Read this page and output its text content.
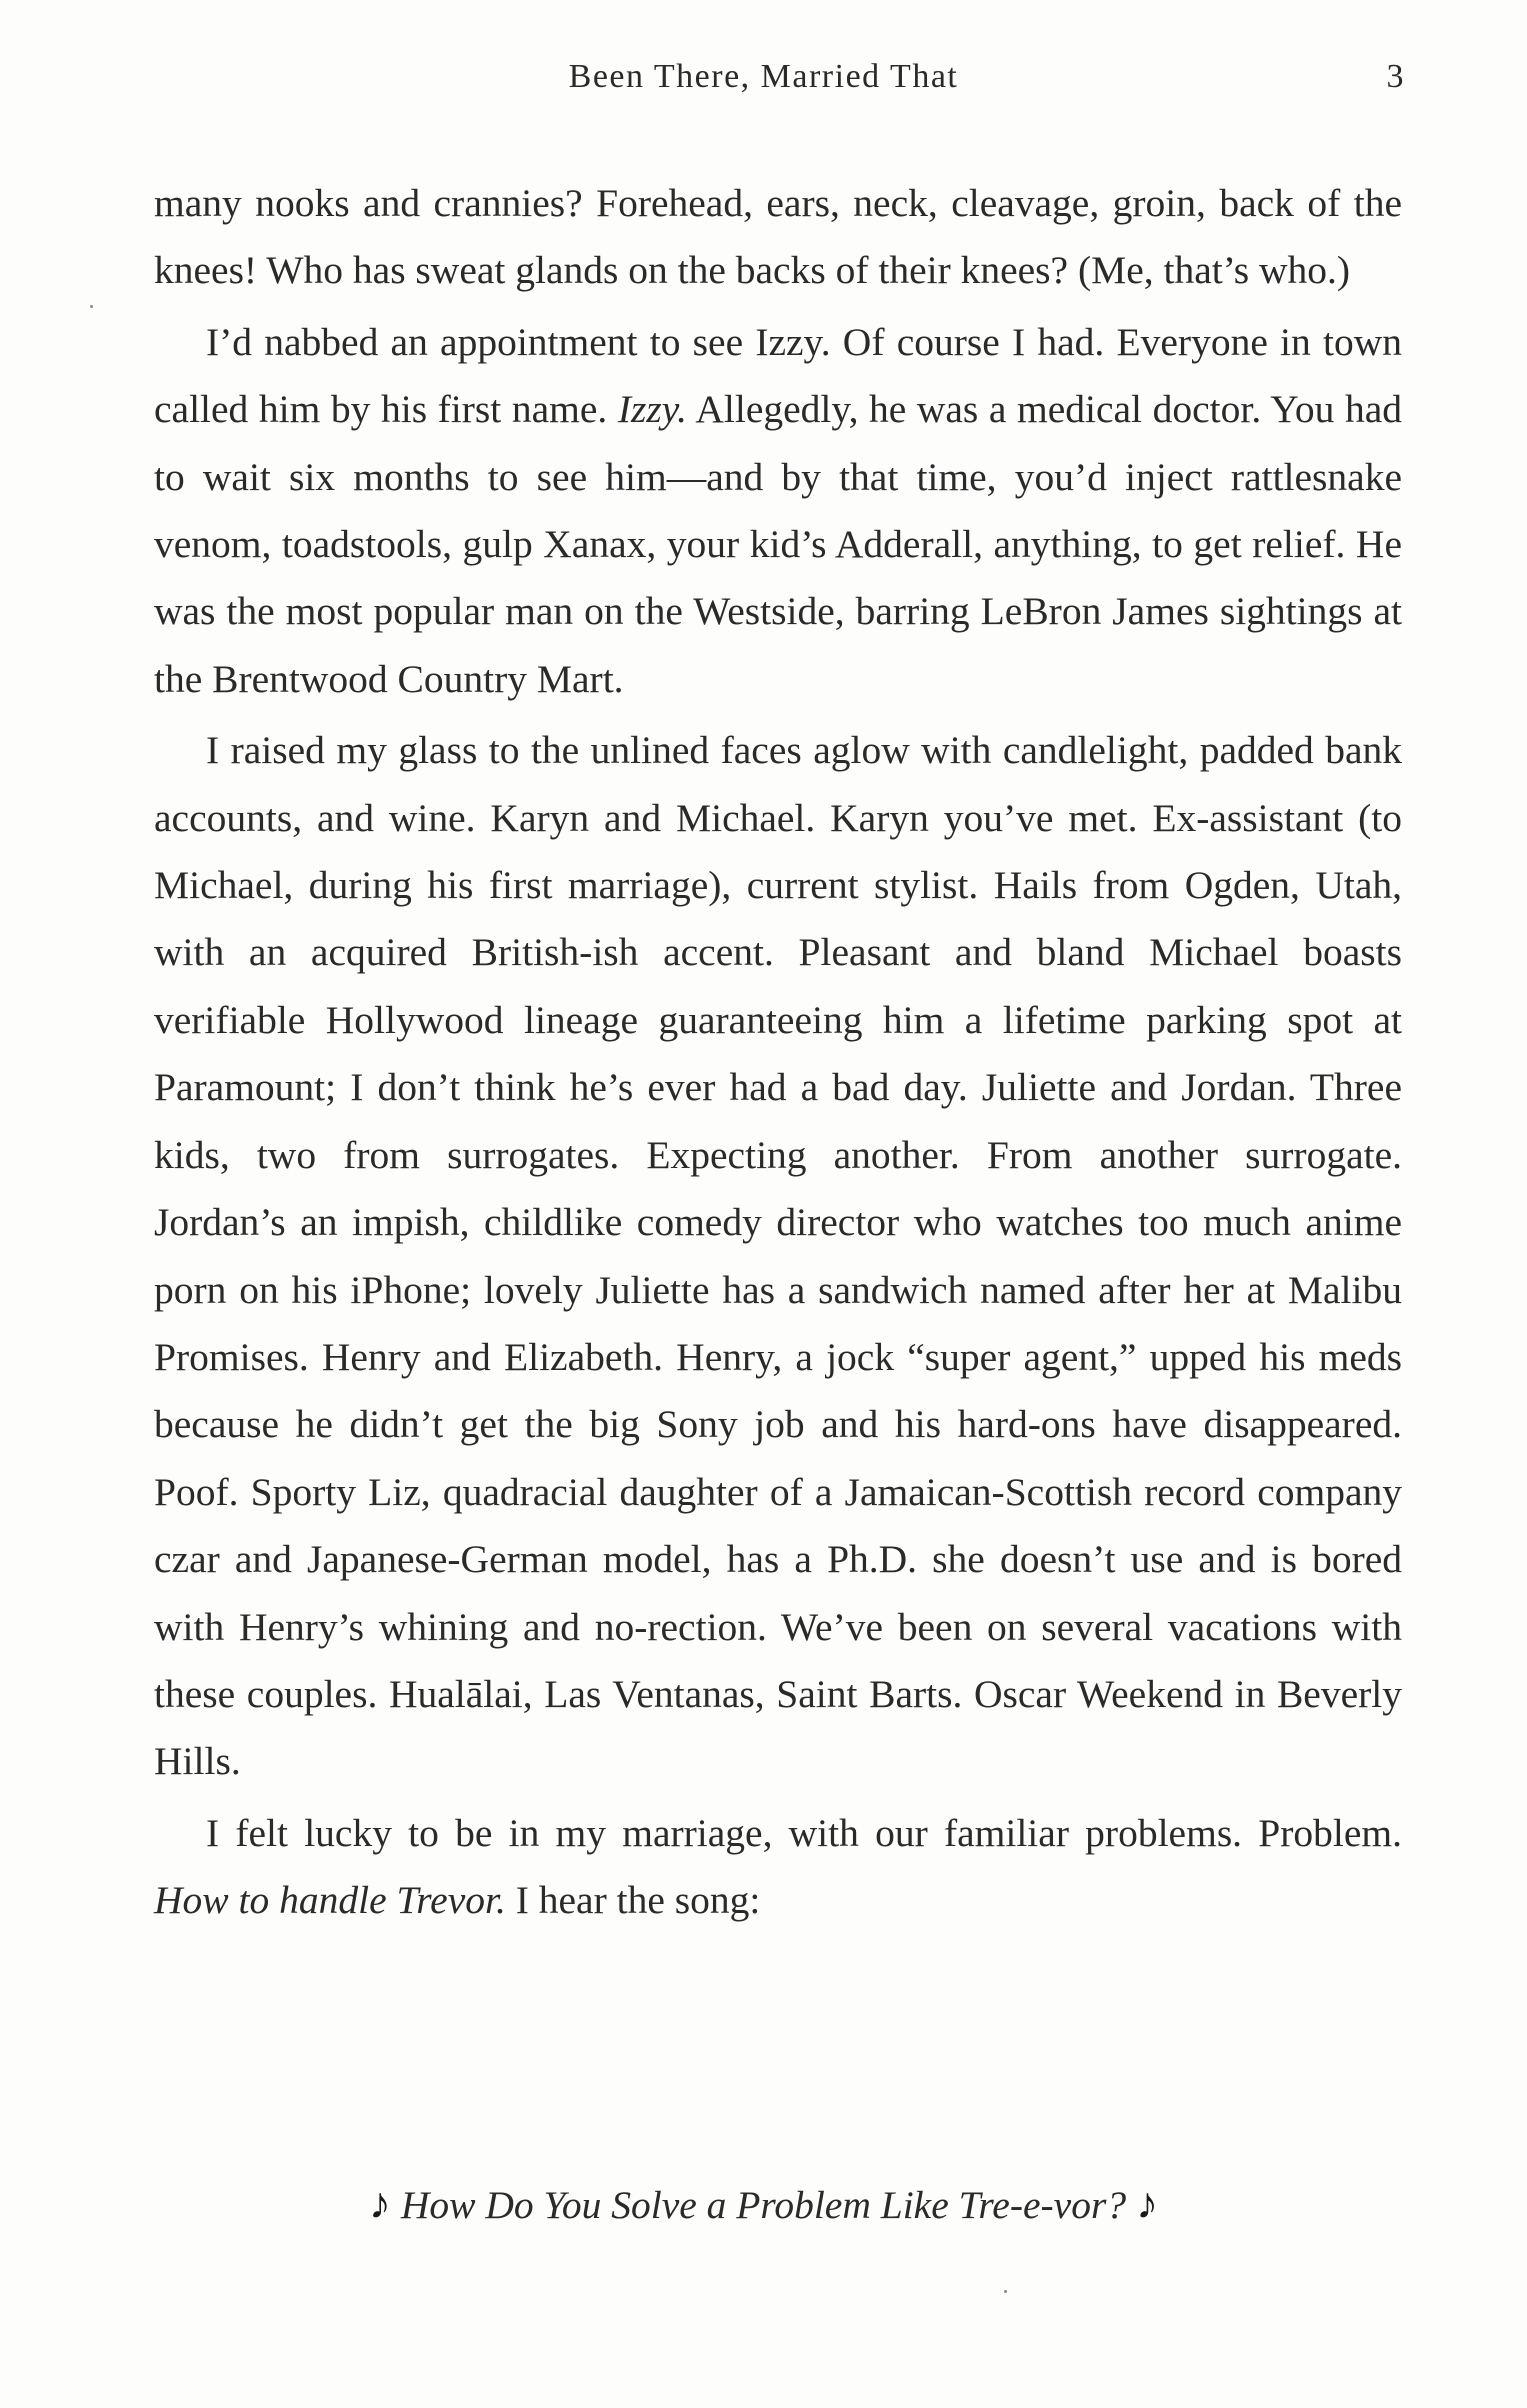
Been There, Married That	3

many nooks and crannies? Forehead, ears, neck, cleavage, groin, back of the knees! Who has sweat glands on the backs of their knees? (Me, that’s who.)

I’d nabbed an appointment to see Izzy. Of course I had. Everyone in town called him by his first name. Izzy. Allegedly, he was a medical doctor. You had to wait six months to see him—and by that time, you’d inject rattlesnake venom, toadstools, gulp Xanax, your kid’s Adderall, anything, to get relief. He was the most popular man on the Westside, barring LeBron James sightings at the Brentwood Country Mart.

I raised my glass to the unlined faces aglow with candlelight, padded bank accounts, and wine. Karyn and Michael. Karyn you’ve met. Ex-assistant (to Michael, during his first marriage), current stylist. Hails from Ogden, Utah, with an acquired British-ish accent. Pleasant and bland Michael boasts verifiable Hollywood lineage guaranteeing him a lifetime parking spot at Paramount; I don’t think he’s ever had a bad day. Juliette and Jordan. Three kids, two from surrogates. Expecting another. From another surrogate. Jordan’s an impish, childlike comedy director who watches too much anime porn on his iPhone; lovely Juliette has a sandwich named after her at Malibu Promises. Henry and Elizabeth. Henry, a jock “super agent,” upped his meds because he didn’t get the big Sony job and his hard-ons have disappeared. Poof. Sporty Liz, quadracial daughter of a Jamaican-Scottish record company czar and Japanese-German model, has a Ph.D. she doesn’t use and is bored with Henry’s whining and no-rection. We’ve been on several vacations with these couples. Hualālai, Las Ventanas, Saint Barts. Oscar Weekend in Beverly Hills.

I felt lucky to be in my marriage, with our familiar problems. Problem. How to handle Trevor. I hear the song:

♪ How Do You Solve a Problem Like Tre-e-vor? ♪
